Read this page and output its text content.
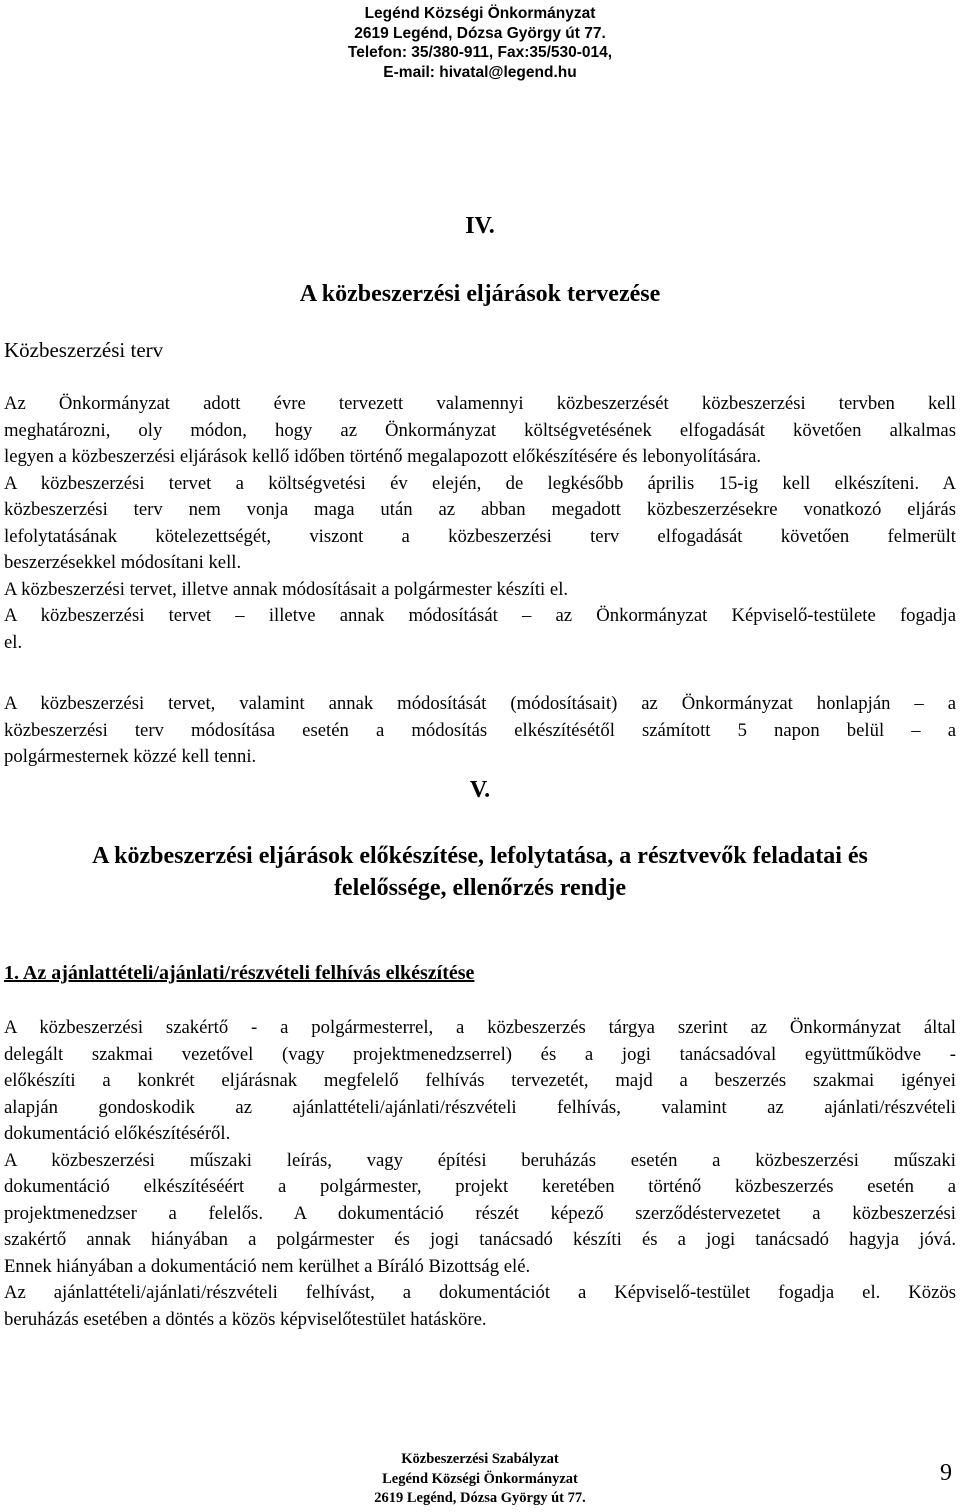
Legénd Községi Önkormányzat
2619 Legénd, Dózsa György út 77.
Telefon: 35/380-911, Fax:35/530-014,
E-mail: hivatal@legend.hu
IV.
A közbeszerzési eljárások tervezése
Közbeszerzési terv
Az Önkormányzat adott évre tervezett valamennyi közbeszerzését közbeszerzési tervben kell
meghatározni, oly módon, hogy az Önkormányzat költségvetésének elfogadását követően alkalmas
legyen a közbeszerzési eljárások kellő időben történő megalapozott előkészítésére és lebonyolítására.
A közbeszerzési tervet a költségvetési év elején, de legkésőbb április 15-ig kell elkészíteni. A
közbeszerzési terv nem vonja maga után az abban megadott közbeszerzésekre vonatkozó eljárás
lefolytatásának kötelezettségét, viszont a közbeszerzési terv elfogadását követően felmerült
beszerzésekkel módosítani kell.
A közbeszerzési tervet, illetve annak módosításait a polgármester készíti el.
A közbeszerzési tervet – illetve annak módosítását – az Önkormányzat Képviselő-testülete fogadja
el.
A közbeszerzési tervet, valamint annak módosítását (módosításait) az Önkormányzat honlapján – a
közbeszerzési terv módosítása esetén a módosítás elkészítésétől számított 5 napon belül – a
polgármesternek közzé kell tenni.
V.
A közbeszerzési eljárások előkészítése, lefolytatása, a résztvevők feladatai és
felelőssége, ellenőrzés rendje
1. Az ajánlattételi/ajánlati/részvételi felhívás elkészítése
A közbeszerzési szakértő - a polgármesterrel, a közbeszerzés tárgya szerint az Önkormányzat által
delegált szakmai vezetővel (vagy projektmenedzserrel) és a jogi tanácsadóval együttműködve -
előkészíti a konkrét eljárásnak megfelelő felhívás tervezetét, majd a beszerzés szakmai igényei
alapján gondoskodik az ajánlattételi/ajánlati/részvételi felhívás, valamint az ajánlati/részvételi
dokumentáció előkészítéséről.
A közbeszerzési műszaki leírás, vagy építési beruházás esetén a közbeszerzési műszaki
dokumentáció elkészítéséért a polgármester, projekt keretében történő közbeszerzés esetén a
projektmenedzser a felelős. A dokumentáció részét képező szerződéstervezetet a közbeszerzési
szakértő annak hiányában a polgármester és jogi tanácsadó készíti és a jogi tanácsadó hagyja jóvá.
Ennek hiányában a dokumentáció nem kerülhet a Bíráló Bizottság elé.
Az ajánlattételi/ajánlati/részvételi felhívást, a dokumentációt a Képviselő-testület fogadja el. Közös
beruházás esetében a döntés a közös képviselőtestület hatásköre.
Közbeszerzési Szabályzat
Legénd Községi Önkormányzat
2619 Legénd, Dózsa György út 77.
9
